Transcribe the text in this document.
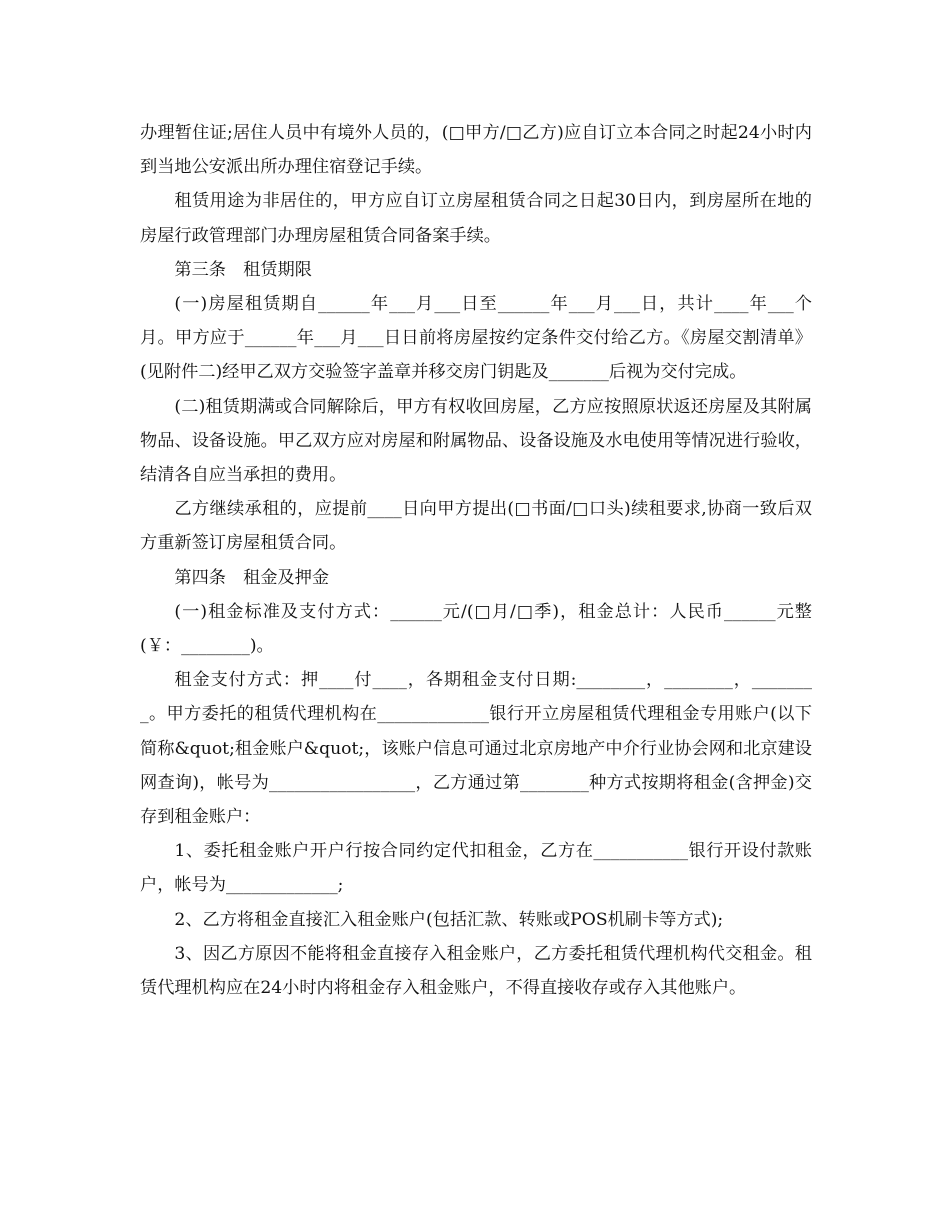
办理暂住证;居住人员中有境外人员的，(□甲方/□乙方)应自订立本合同之时起24小时内到当地公安派出所办理住宿登记手续。

租赁用途为非居住的，甲方应自订立房屋租赁合同之日起30日内，到房屋所在地的房屋行政管理部门办理房屋租赁合同备案手续。

第三条　租赁期限

(一)房屋租赁期自______年___月___日至______年___月___日，共计____年___个月。甲方应于______年___月___日日前将房屋按约定条件交付给乙方。《房屋交割清单》(见附件二)经甲乙双方交验签字盖章并移交房门钥匙及_______后视为交付完成。

(二)租赁期满或合同解除后，甲方有权收回房屋，乙方应按照原状返还房屋及其附属物品、设备设施。甲乙双方应对房屋和附属物品、设备设施及水电使用等情况进行验收，结清各自应当承担的费用。

乙方继续承租的，应提前____日向甲方提出(□书面/□口头)续租要求,协商一致后双方重新签订房屋租赁合同。

第四条　租金及押金

(一)租金标准及支付方式：______元/(□月/□季)，租金总计：人民币______元整(￥：________)。

租金支付方式：押____付____，各期租金支付日期:________，________，________。甲方委托的租赁代理机构在_____________银行开立房屋租赁代理租金专用账户(以下简称&quot;租金账户&quot;，该账户信息可通过北京房地产中介行业协会网和北京建设网查询)，帐号为_________________，乙方通过第________种方式按期将租金(含押金)交存到租金账户：

1、委托租金账户开户行按合同约定代扣租金，乙方在___________银行开设付款账户，帐号为_____________;

2、乙方将租金直接汇入租金账户(包括汇款、转账或POS机刷卡等方式);

3、因乙方原因不能将租金直接存入租金账户，乙方委托租赁代理机构代交租金。租赁代理机构应在24小时内将租金存入租金账户，不得直接收存或存入其他账户。
